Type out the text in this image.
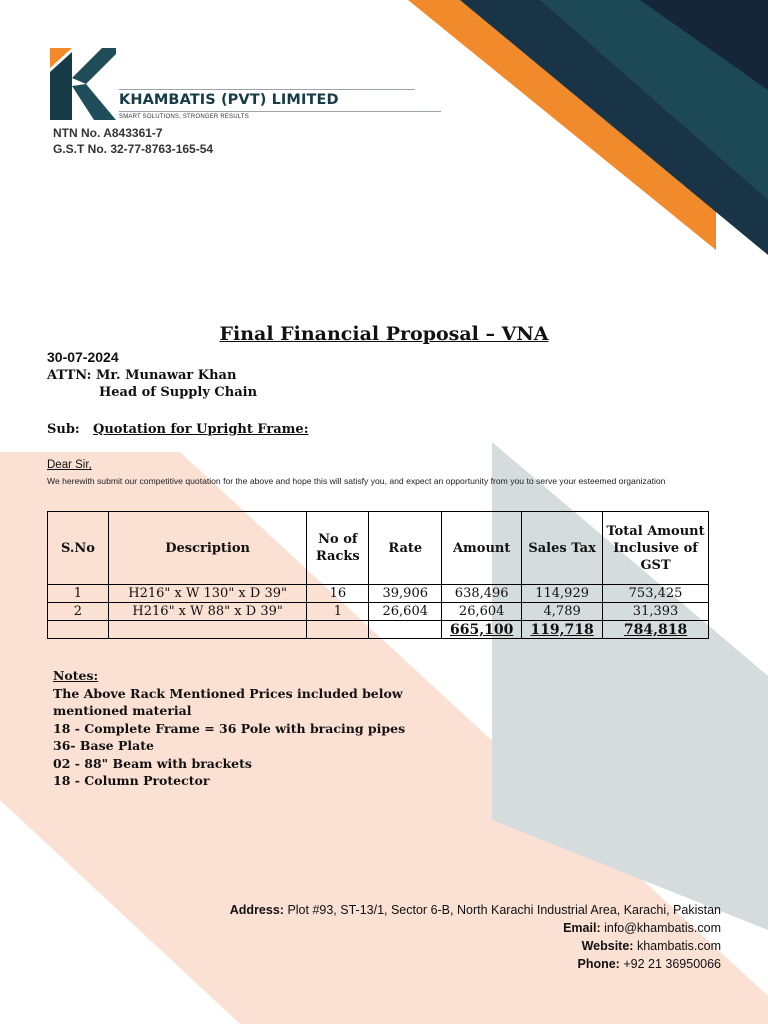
KHAMBATIS (PVT) LIMITED
SMART SOLUTIONS, STRONGER RESULTS
NTN No. A843361-7
G.S.T No. 32-77-8763-165-54
Final Financial Proposal – VNA
30-07-2024
ATTN: Mr. Munawar Khan
Head of Supply Chain
Sub: Quotation for Upright Frame:
Dear Sir,
We herewith submit our competitive quotation for the above and hope this will satisfy you, and expect an opportunity from you to serve your esteemed organization
S.No	Description	No of Racks	Rate	Amount	Sales Tax	Total Amount Inclusive of GST
1	H216" x W 130" x D 39"	16	39,906	638,496	114,929	753,425
2	H216" x W 88" x D 39"	1	26,604	26,604	4,789	31,393
				665,100	119,718	784,818
Notes:
The Above Rack Mentioned Prices included below mentioned material
18 - Complete Frame = 36 Pole with bracing pipes
36- Base Plate
02 - 88" Beam with brackets
18 - Column Protector
Address: Plot #93, ST-13/1, Sector 6-B, North Karachi Industrial Area, Karachi, Pakistan
Email: info@khambatis.com
Website: khambatis.com
Phone: +92 21 36950066
